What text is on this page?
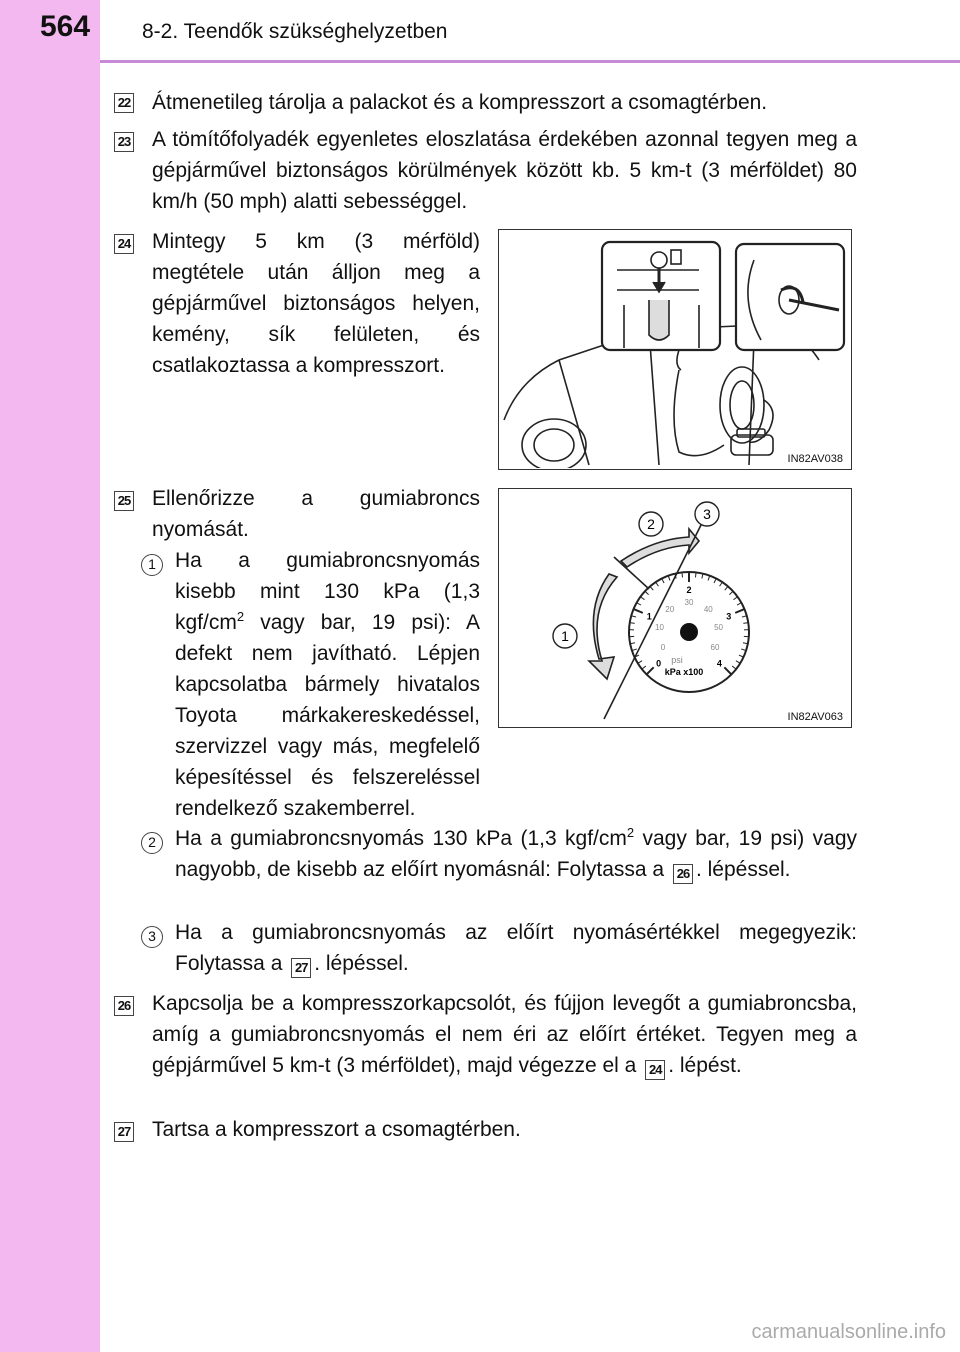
564 8-2. Teendők szükséghelyzetben
22 Átmenetileg tárolja a palackot és a kompresszort a csomagtérben.

23 A tömítőfolyadék egyenletes eloszlatása érdekében azonnal tegyen meg a gépjárművel biztonságos körülmények között kb. 5 km-t (3 mérföldet) 80 km/h (50 mph) alatti sebességgel.

24 Mintegy 5 km (3 mérföld) megtétele után álljon meg a gépjárművel biztonságos helyen, kemény, sík felületen, és csatlakoztassa a kompresszort.

IN82AV038
25 Ellenőrizze a gumiabroncs nyomását.

1 Ha a gumiabroncsnyomás kisebb mint 130 kPa (1,3 kgf/$cm^2$ vagy bar, 19 psi): A defekt nem javítható. Lépjen kapcsolatba bármely hivatalos Toyota márkakereskedéssel, szervizzel vagy más, megfelelő képesítéssel és felszereléssel rendelkező szakemberrel.

0
1
2
3
4
0
10
20
30
40
50
60
1
2
3
psi
kPa x100
IN82AV063
2 Ha a gumiabroncsnyomás 130 kPa (1,3 kgf/$cm^2$ vagy bar, 19 psi) vagy nagyobb, de kisebb az előírt nyomásnál: Folytassa a 26 . lépéssel.

3 Ha a gumiabroncsnyomás az előírt nyomásértékkel megegyezik: Folytassa a 27 . lépéssel.

26 Kapcsolja be a kompresszorkapcsolót, és fújjon levegőt a gumiabroncsba, amíg a gumiabroncsnyomás el nem éri az előírt értéket. Tegyen meg a gépjárművel 5 km-t (3 mérföldet), majd végezze el a 24 . lépést.

27 Tartsa a kompresszort a csomagtérben.

carmanualsonline.info
